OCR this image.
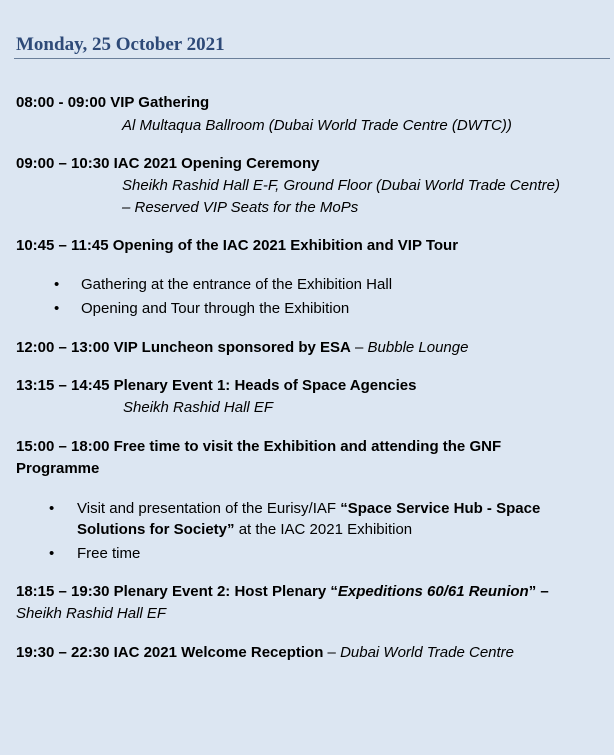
Monday, 25 October 2021
08:00 - 09:00 VIP Gathering
Al Multaqua Ballroom (Dubai World Trade Centre (DWTC))
09:00 – 10:30 IAC 2021 Opening Ceremony
Sheikh Rashid Hall E-F, Ground Floor (Dubai World Trade Centre)
– Reserved VIP Seats for the MoPs
10:45 – 11:45 Opening of the IAC 2021 Exhibition and VIP Tour
• Gathering at the entrance of the Exhibition Hall
• Opening and Tour through the Exhibition
12:00 – 13:00 VIP Luncheon sponsored by ESA – Bubble Lounge
13:15 – 14:45 Plenary Event 1: Heads of Space Agencies
Sheikh Rashid Hall EF
15:00 – 18:00 Free time to visit the Exhibition and attending the GNF
Programme
• Visit and presentation of the Eurisy/IAF “Space Service Hub - Space
Solutions for Society” at the IAC 2021 Exhibition
• Free time
18:15 – 19:30 Plenary Event 2: Host Plenary “Expeditions 60/61 Reunion” –
Sheikh Rashid Hall EF
19:30 – 22:30 IAC 2021 Welcome Reception – Dubai World Trade Centre
